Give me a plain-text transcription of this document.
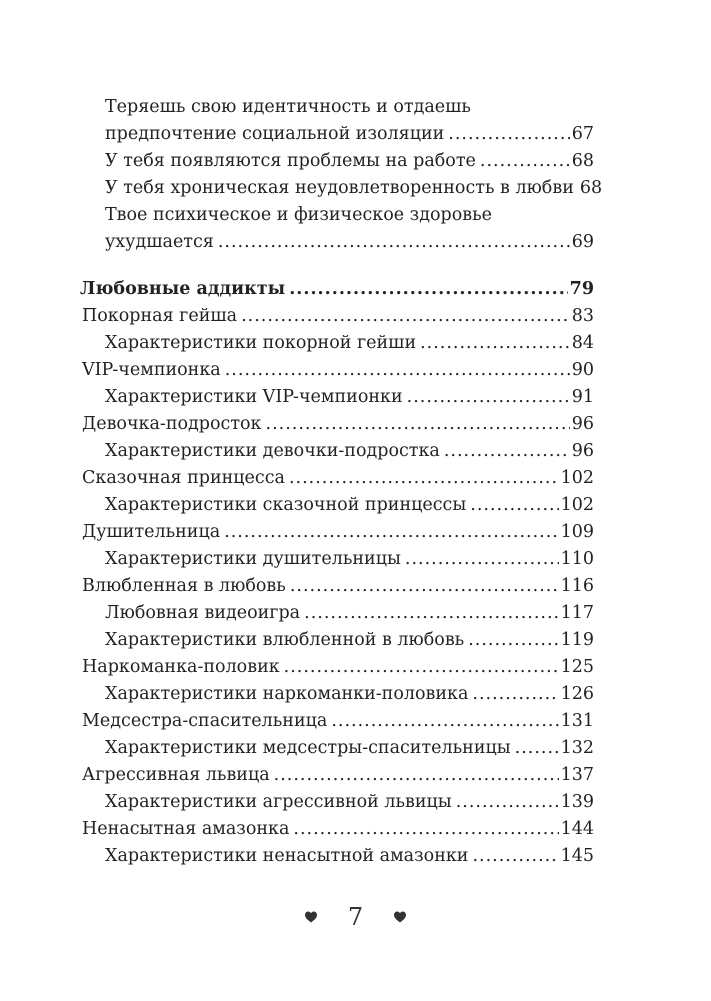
Теряешь свою идентичность и отдаешь
предпочтение социальной изоляции .....	67
У тебя появляются проблемы на работе .....	68
У тебя хроническая неудовлетворенность в любви 68
Твое психическое и физическое здоровье
ухудшается .....	69
Любовные аддикты .....	79
Покорная гейша .....	83
Характеристики покорной гейши .....	84
VIP-чемпионка .....	90
Характеристики VIP-чемпионки .....	91
Девочка-подросток .....	96
Характеристики девочки-подростка .....	96
Сказочная принцесса .....	102
Характеристики сказочной принцессы .....	102
Душительница .....	109
Характеристики душительницы .....	110
Влюбленная в любовь .....	116
Любовная видеоигра .....	117
Характеристики влюбленной в любовь .....	119
Наркоманка-половик .....	125
Характеристики наркоманки-половика .....	126
Медсестра-спасительница .....	131
Характеристики медсестры-спасительницы .....	132
Агрессивная львица .....	137
Характеристики агрессивной львицы .....	139
Ненасытная амазонка .....	144
Характеристики ненасытной амазонки .....	145
7
